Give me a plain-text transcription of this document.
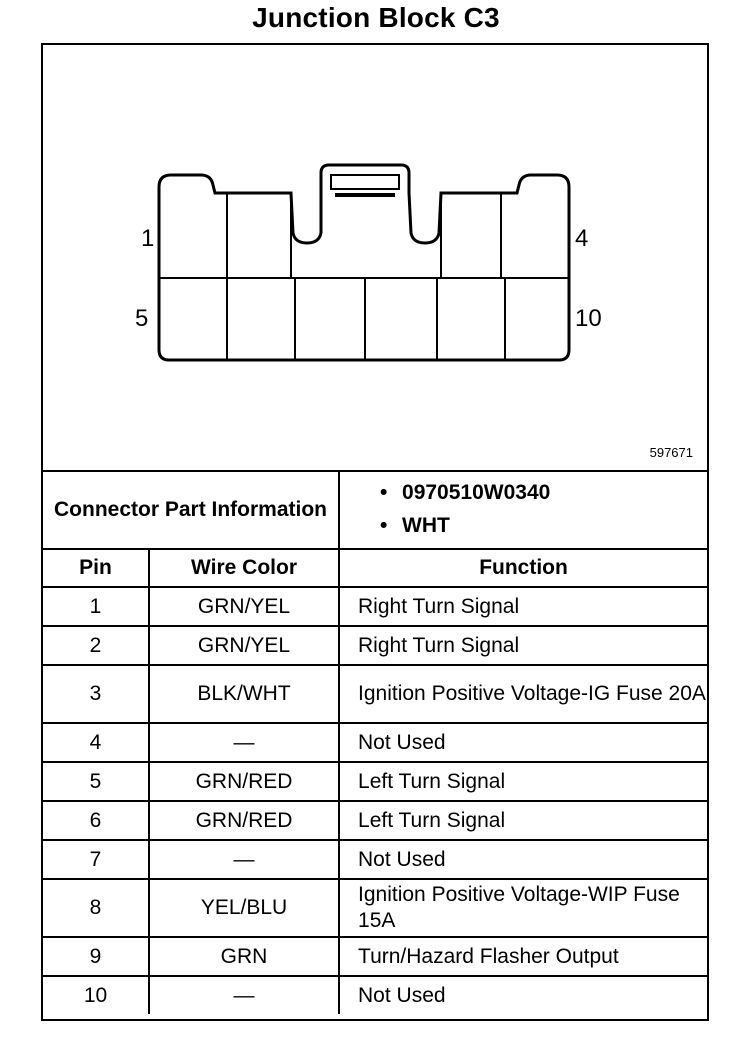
Junction Block C3
1	4
5	10
597671
Connector Part Information		• 0970510W0340
• WHT

Pin	Wire Color	Function
1	GRN/YEL	Right Turn Signal
2	GRN/YEL	Right Turn Signal
3	BLK/WHT	Ignition Positive Voltage-IG Fuse 20A
4	—	Not Used
5	GRN/RED	Left Turn Signal
6	GRN/RED	Left Turn Signal
7	—	Not Used
8	YEL/BLU	Ignition Positive Voltage-WIP Fuse 15A
9	GRN	Turn/Hazard Flasher Output
10	—	Not Used
